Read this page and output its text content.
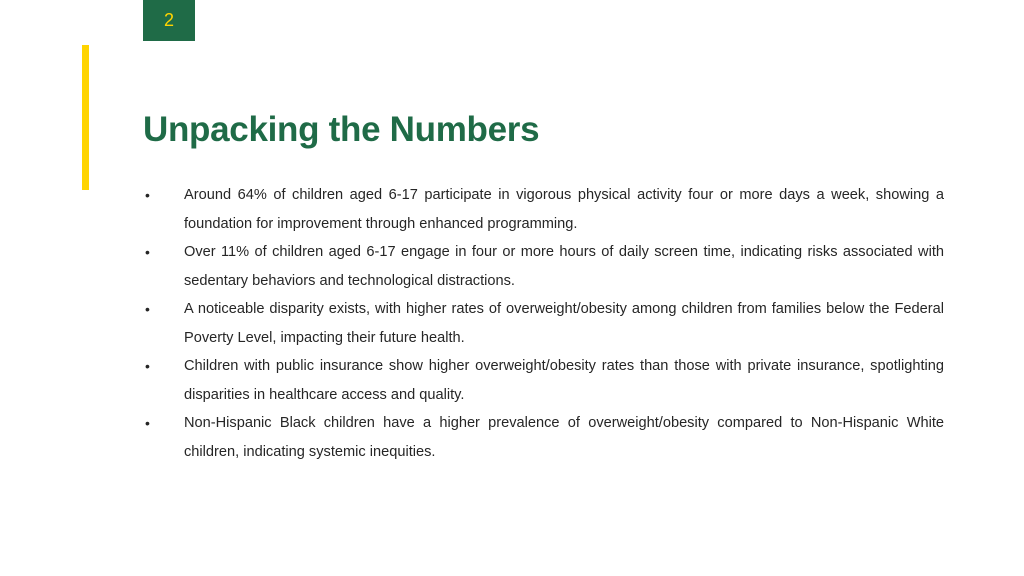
2
Unpacking the Numbers
• Around 64% of children aged 6-17 participate in vigorous physical activity four or more days a week, showing a foundation for improvement through enhanced programming.
• Over 11% of children aged 6-17 engage in four or more hours of daily screen time, indicating risks associated with sedentary behaviors and technological distractions.
• A noticeable disparity exists, with higher rates of overweight/obesity among children from families below the Federal Poverty Level, impacting their future health.
• Children with public insurance show higher overweight/obesity rates than those with private insurance, spotlighting disparities in healthcare access and quality.
• Non-Hispanic Black children have a higher prevalence of overweight/obesity compared to Non-Hispanic White children, indicating systemic inequities.
